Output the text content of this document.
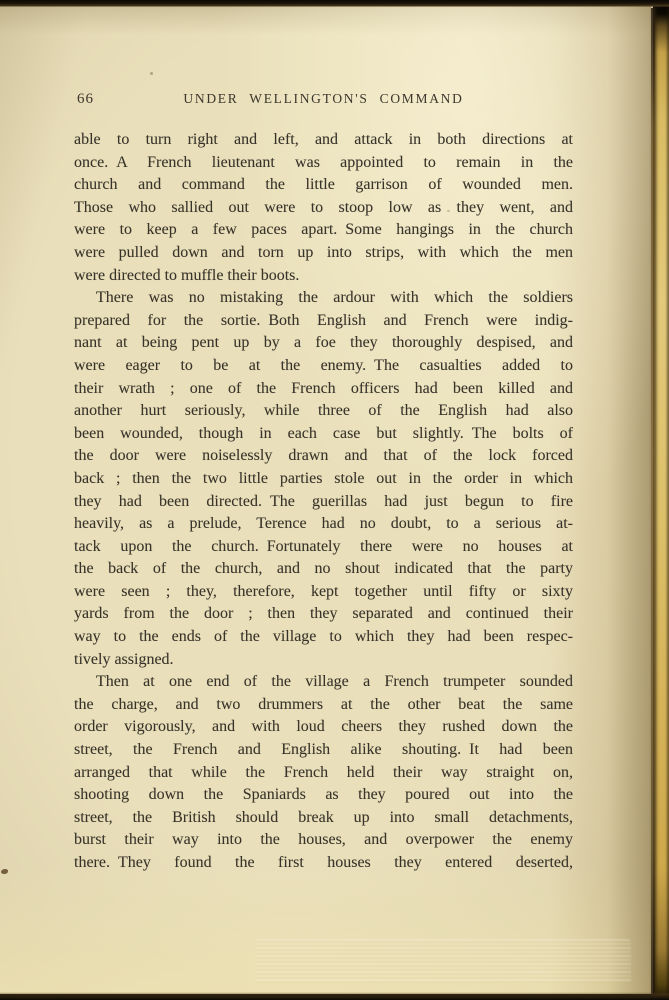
66	UNDER WELLINGTON'S COMMAND
able to turn right and left, and attack in both directions at
once. A French lieutenant was appointed to remain in the
church and command the little garrison of wounded men.
Those who sallied out were to stoop low as they went, and
were to keep a few paces apart. Some hangings in the church
were pulled down and torn up into strips, with which the men
were directed to muffle their boots.
There was no mistaking the ardour with which the soldiers
prepared for the sortie. Both English and French were indig-
nant at being pent up by a foe they thoroughly despised, and
were eager to be at the enemy. The casualties added to
their wrath ; one of the French officers had been killed and
another hurt seriously, while three of the English had also
been wounded, though in each case but slightly. The bolts of
the door were noiselessly drawn and that of the lock forced
back ; then the two little parties stole out in the order in which
they had been directed. The guerillas had just begun to fire
heavily, as a prelude, Terence had no doubt, to a serious at-
tack upon the church. Fortunately there were no houses at
the back of the church, and no shout indicated that the party
were seen ; they, therefore, kept together until fifty or sixty
yards from the door ; then they separated and continued their
way to the ends of the village to which they had been respec-
tively assigned.
Then at one end of the village a French trumpeter sounded
the charge, and two drummers at the other beat the same
order vigorously, and with loud cheers they rushed down the
street, the French and English alike shouting. It had been
arranged that while the French held their way straight on,
shooting down the Spaniards as they poured out into the
street, the British should break up into small detachments,
burst their way into the houses, and overpower the enemy
there. They found the first houses they entered deserted,
